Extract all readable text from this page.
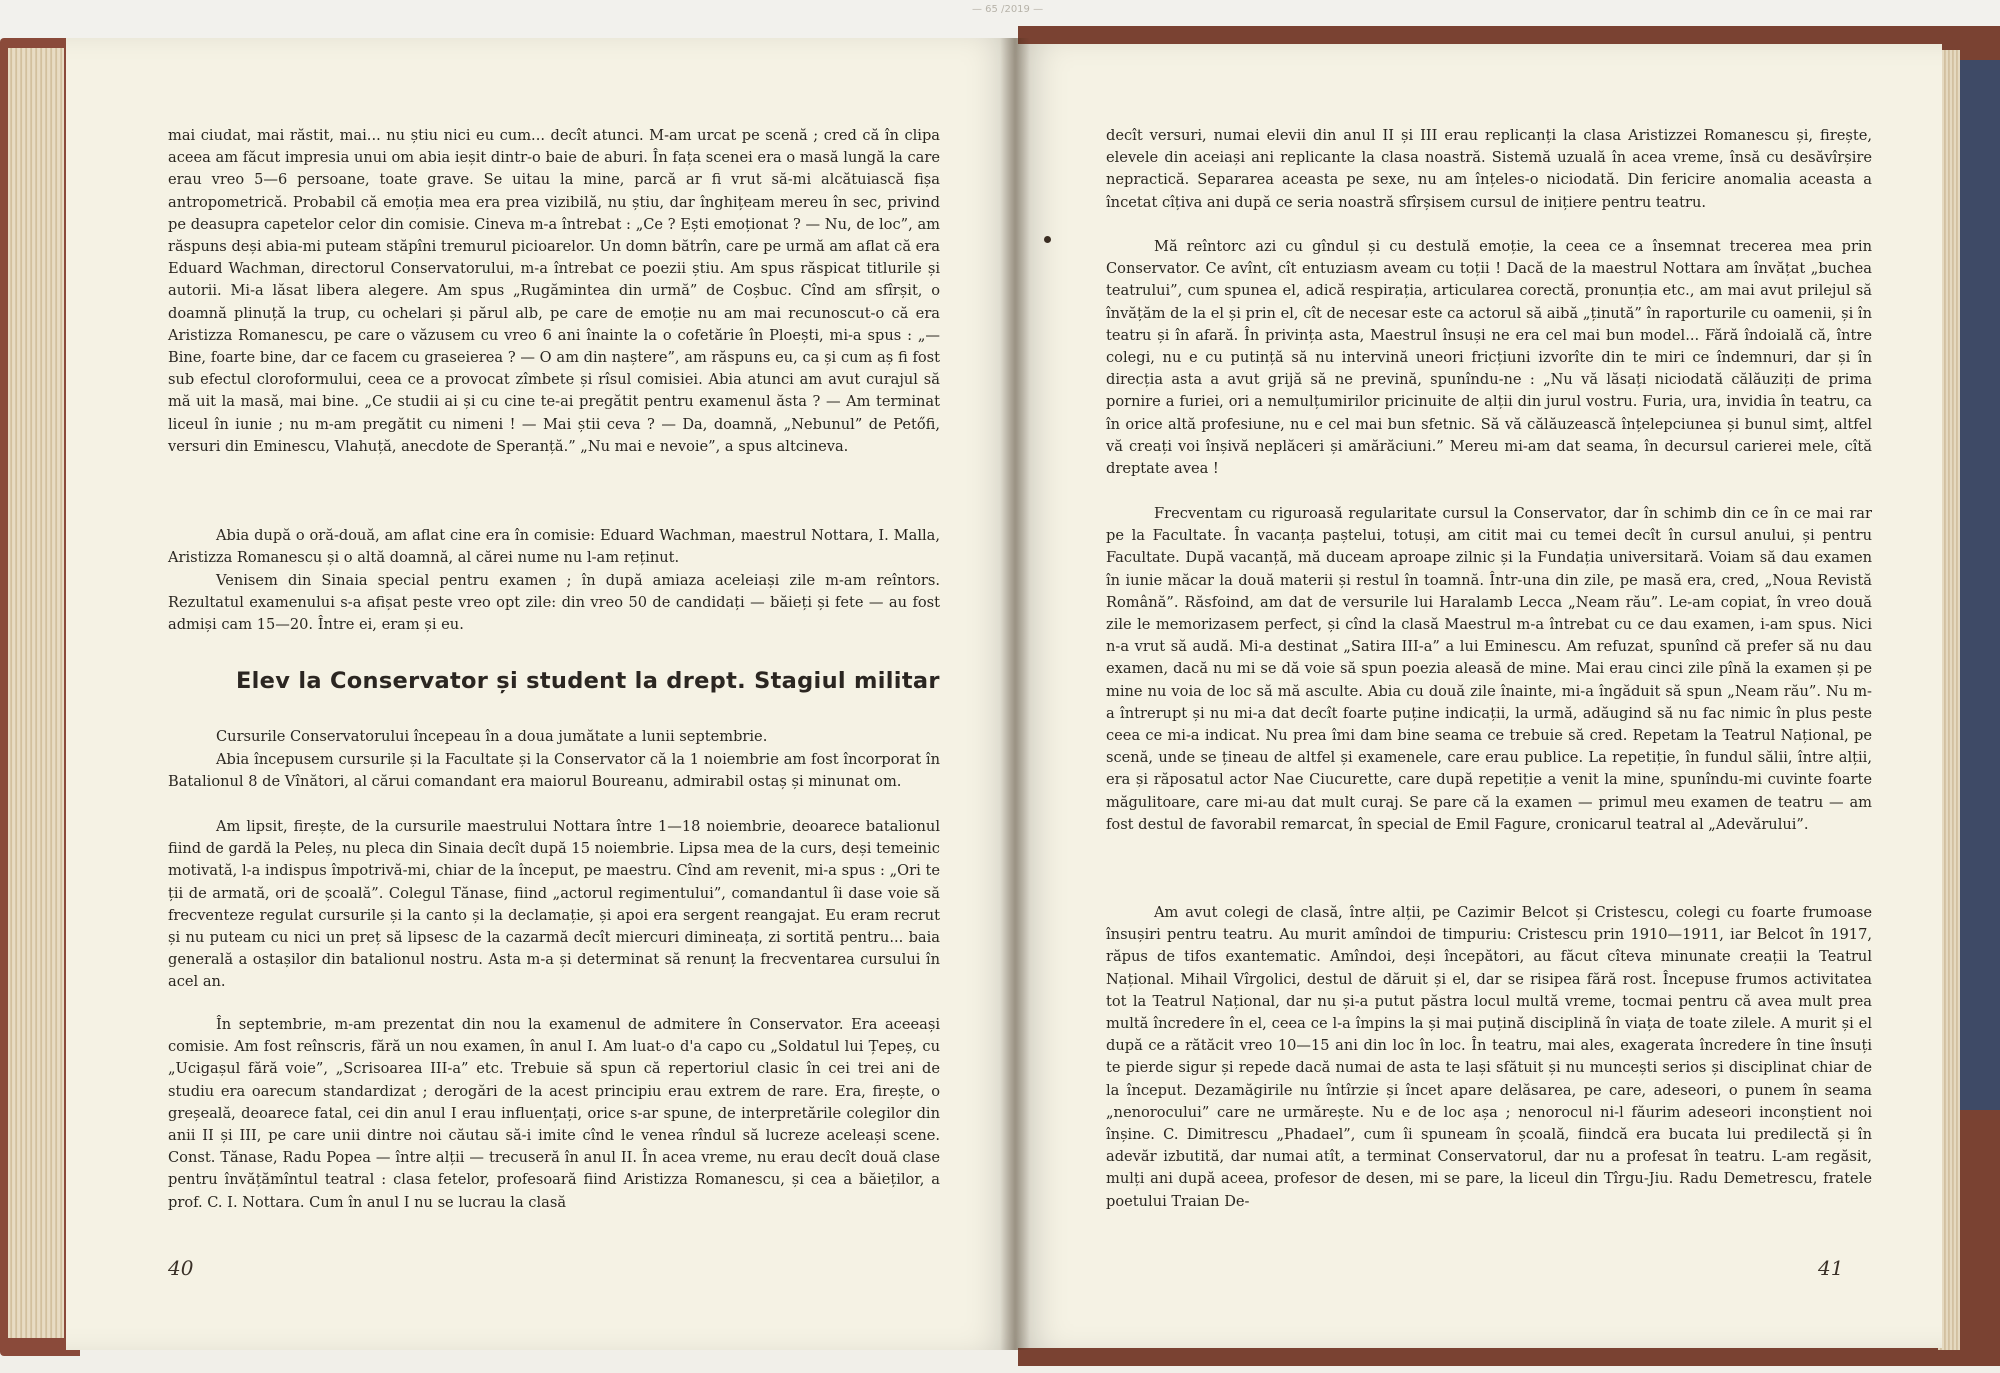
— 65 /2019 —

mai ciudat, mai răstit, mai... nu știu nici eu cum... decît atunci. M-am urcat pe scenă ; cred că în clipa aceea am făcut impresia unui om abia ieșit dintr-o baie de aburi. În fața scenei era o masă lungă la care erau vreo 5—6 persoane, toate grave. Se uitau la mine, parcă ar fi vrut să-mi alcătuiască fișa antropometrică. Probabil că emoția mea era prea vizibilă, nu știu, dar înghițeam mereu în sec, privind pe deasupra capetelor celor din comisie. Cineva m-a întrebat : „Ce ? Ești emoționat ? — Nu, de loc”, am răspuns deși abia-mi puteam stăpîni tremurul picioarelor. Un domn bătrîn, care pe urmă am aflat că era Eduard Wachman, directorul Conservatorului, m-a întrebat ce poezii știu. Am spus răspicat titlurile și autorii. Mi-a lăsat libera alegere. Am spus „Rugămintea din urmă” de Coșbuc. Cînd am sfîrșit, o doamnă plinuță la trup, cu ochelari și părul alb, pe care de emoție nu am mai recunoscut-o că era Aristizza Romanescu, pe care o văzusem cu vreo 6 ani înainte la o cofetărie în Ploești, mi-a spus : „— Bine, foarte bine, dar ce facem cu graseierea ? — O am din naștere”, am răspuns eu, ca și cum aș fi fost sub efectul cloroformului, ceea ce a provocat zîmbete și rîsul comisiei. Abia atunci am avut curajul să mă uit la masă, mai bine. „Ce studii ai și cu cine te-ai pregătit pentru examenul ăsta ? — Am terminat liceul în iunie ; nu m-am pregătit cu nimeni ! — Mai știi ceva ? — Da, doamnă, „Nebunul” de Petőfi, versuri din Eminescu, Vlahuță, anecdote de Speranță.” „Nu mai e nevoie”, a spus altcineva.

Abia după o oră-două, am aflat cine era în comisie: Eduard Wachman, maestrul Nottara, I. Malla, Aristizza Romanescu și o altă doamnă, al cărei nume nu l-am reținut.

Venisem din Sinaia special pentru examen ; în după amiaza aceleiași zile m-am reîntors. Rezultatul examenului s-a afișat peste vreo opt zile: din vreo 50 de candidați — băieți și fete — au fost admiși cam 15—20. Între ei, eram și eu.

Elev la Conservator și student la drept. Stagiul militar

Cursurile Conservatorului începeau în a doua jumătate a lunii septembrie.

Abia începusem cursurile și la Facultate și la Conservator că la 1 noiembrie am fost încorporat în Batalionul 8 de Vînători, al cărui comandant era maiorul Boureanu, admirabil ostaș și minunat om.

Am lipsit, firește, de la cursurile maestrului Nottara între 1—18 noiembrie, deoarece batalionul fiind de gardă la Peleș, nu pleca din Sinaia decît după 15 noiembrie. Lipsa mea de la curs, deși temeinic motivată, l-a indispus împotrivă-mi, chiar de la început, pe maestru. Cînd am revenit, mi-a spus : „Ori te ții de armată, ori de școală”. Colegul Tănase, fiind „actorul regimentului”, comandantul îi dase voie să frecventeze regulat cursurile și la canto și la declamație, și apoi era sergent reangajat. Eu eram recrut și nu puteam cu nici un preț să lipsesc de la cazarmă decît miercuri dimineața, zi sortită pentru... baia generală a ostașilor din batalionul nostru. Asta m-a și determinat să renunț la frecventarea cursului în acel an.

În septembrie, m-am prezentat din nou la examenul de admitere în Conservator. Era aceeași comisie. Am fost reînscris, fără un nou examen, în anul I. Am luat-o d'a capo cu „Soldatul lui Țepeș, cu „Ucigașul fără voie”, „Scrisoarea III-a” etc. Trebuie să spun că repertoriul clasic în cei trei ani de studiu era oarecum standardizat ; derogări de la acest principiu erau extrem de rare. Era, firește, o greșeală, deoarece fatal, cei din anul I erau influențați, orice s-ar spune, de interpretările colegilor din anii II și III, pe care unii dintre noi căutau să-i imite cînd le venea rîndul să lucreze aceleași scene. Const. Tănase, Radu Popea — între alții — trecuseră în anul II. În acea vreme, nu erau decît două clase pentru învățămîntul teatral : clasa fetelor, profesoară fiind Aristizza Romanescu, și cea a băieților, a prof. C. I. Nottara. Cum în anul I nu se lucrau la clasă

40

decît versuri, numai elevii din anul II și III erau replicanți la clasa Aristizzei Romanescu și, firește, elevele din aceiași ani replicante la clasa noastră. Sistemă uzuală în acea vreme, însă cu desăvîrșire nepractică. Separarea aceasta pe sexe, nu am înțeles-o niciodată. Din fericire anomalia aceasta a încetat cîțiva ani după ce seria noastră sfîrșisem cursul de inițiere pentru teatru.

Mă reîntorc azi cu gîndul și cu destulă emoție, la ceea ce a însemnat trecerea mea prin Conservator. Ce avînt, cît entuziasm aveam cu toții ! Dacă de la maestrul Nottara am învățat „buchea teatrului”, cum spunea el, adică respirația, articularea corectă, pronunția etc., am mai avut prilejul să învățăm de la el și prin el, cît de necesar este ca actorul să aibă „ținută” în raporturile cu oamenii, și în teatru și în afară. În privința asta, Maestrul însuși ne era cel mai bun model... Fără îndoială că, între colegi, nu e cu putință să nu intervină uneori fricțiuni izvorîte din te miri ce îndemnuri, dar și în direcția asta a avut grijă să ne prevină, spunîndu-ne : „Nu vă lăsați niciodată călăuziți de prima pornire a furiei, ori a nemulțumirilor pricinuite de alții din jurul vostru. Furia, ura, invidia în teatru, ca în orice altă profesiune, nu e cel mai bun sfetnic. Să vă călăuzească înțelepciunea și bunul simț, altfel vă creați voi înșivă neplăceri și amărăciuni.” Mereu mi-am dat seama, în decursul carierei mele, cîtă dreptate avea !

Frecventam cu riguroasă regularitate cursul la Conservator, dar în schimb din ce în ce mai rar pe la Facultate. În vacanța paștelui, totuși, am citit mai cu temei decît în cursul anului, și pentru Facultate. După vacanță, mă duceam aproape zilnic și la Fundația universitară. Voiam să dau examen în iunie măcar la două materii și restul în toamnă. Într-una din zile, pe masă era, cred, „Noua Revistă Română”. Răsfoind, am dat de versurile lui Haralamb Lecca „Neam rău”. Le-am copiat, în vreo două zile le memorizasem perfect, și cînd la clasă Maestrul m-a întrebat cu ce dau examen, i-am spus. Nici n-a vrut să audă. Mi-a destinat „Satira III-a” a lui Eminescu. Am refuzat, spunînd că prefer să nu dau examen, dacă nu mi se dă voie să spun poezia aleasă de mine. Mai erau cinci zile pînă la examen și pe mine nu voia de loc să mă asculte. Abia cu două zile înainte, mi-a îngăduit să spun „Neam rău”. Nu m-a întrerupt și nu mi-a dat decît foarte puține indicații, la urmă, adăugind să nu fac nimic în plus peste ceea ce mi-a indicat. Nu prea îmi dam bine seama ce trebuie să cred. Repetam la Teatrul Național, pe scenă, unde se țineau de altfel și examenele, care erau publice. La repetiție, în fundul sălii, între alții, era și răposatul actor Nae Ciucurette, care după repetiție a venit la mine, spunîndu-mi cuvinte foarte măgulitoare, care mi-au dat mult curaj. Se pare că la examen — primul meu examen de teatru — am fost destul de favorabil remarcat, în special de Emil Fagure, cronicarul teatral al „Adevărului”.

Am avut colegi de clasă, între alții, pe Cazimir Belcot și Cristescu, colegi cu foarte frumoase însușiri pentru teatru. Au murit amîndoi de timpuriu: Cristescu prin 1910—1911, iar Belcot în 1917, răpus de tifos exantematic. Amîndoi, deși începători, au făcut cîteva minunate creații la Teatrul Național. Mihail Vîrgolici, destul de dăruit și el, dar se risipea fără rost. Începuse frumos activitatea tot la Teatrul Național, dar nu și-a putut păstra locul multă vreme, tocmai pentru că avea mult prea multă încredere în el, ceea ce l-a împins la și mai puțină disciplină în viața de toate zilele. A murit și el după ce a rătăcit vreo 10—15 ani din loc în loc. În teatru, mai ales, exagerata încredere în tine însuți te pierde sigur și repede dacă numai de asta te lași sfătuit și nu muncești serios și disciplinat chiar de la început. Dezamăgirile nu întîrzie și încet apare delăsarea, pe care, adeseori, o punem în seama „nenorocului” care ne urmărește. Nu e de loc așa ; nenorocul ni-l făurim adeseori inconștient noi înșine. C. Dimitrescu „Phadael”, cum îi spuneam în școală, fiindcă era bucata lui predilectă și în adevăr izbutită, dar numai atît, a terminat Conservatorul, dar nu a profesat în teatru. L-am regăsit, mulți ani după aceea, profesor de desen, mi se pare, la liceul din Tîrgu-Jiu. Radu Demetrescu, fratele poetului Traian De-

41
